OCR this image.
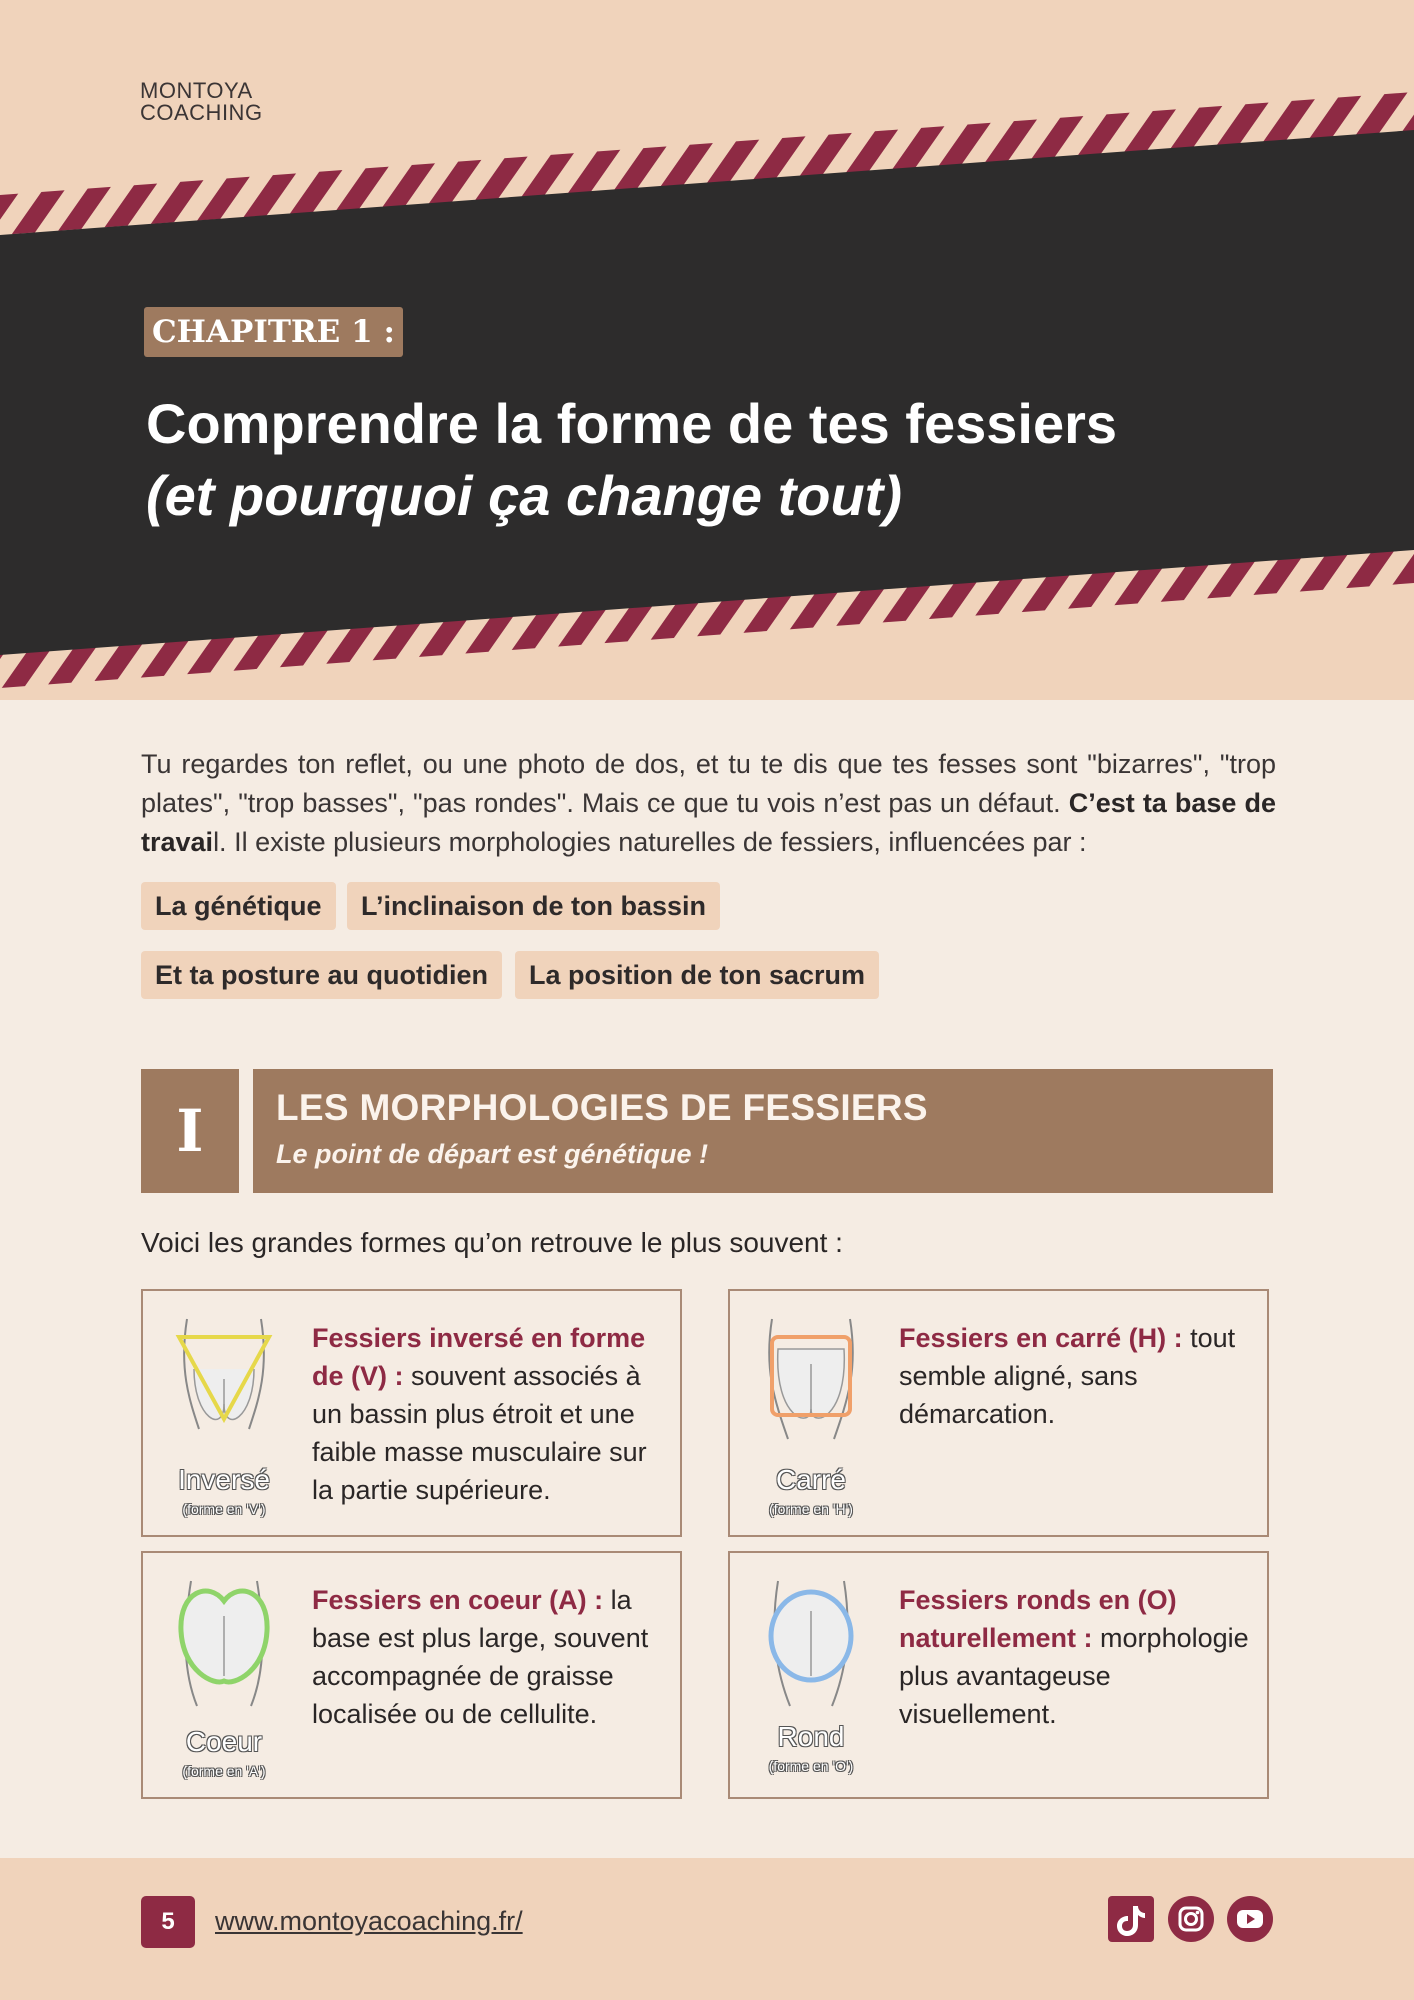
MONTOYA
COACHING
CHAPITRE 1 :
Comprendre la forme de tes fessiers
(et pourquoi ça change tout)

Tu regardes ton reflet, ou une photo de dos, et tu te dis que tes fesses sont "bizarres", "trop plates", "trop basses", "pas rondes". Mais ce que tu vois n’est pas un défaut. C’est ta base de travail. Il existe plusieurs morphologies naturelles de fessiers, influencées par :

La génétique	L’inclinaison de ton bassin
Et ta posture au quotidien	La position de ton sacrum
I	LES MORPHOLOGIES DE FESSIERS
Le point de départ est génétique !
Voici les grandes formes qu’on retrouve le plus souvent :
Inversé
(forme en 'V')

Fessiers inversé en forme de (V) : souvent associés à un bassin plus étroit et une faible masse musculaire sur la partie supérieure.	Carré
(forme en 'H')

Fessiers en carré (H) : tout semble aligné, sans démarcation.

Coeur
(forme en 'A')

Fessiers en coeur (A) : la base est plus large, souvent accompagnée de graisse localisée ou de cellulite.

Rond
(forme en 'O')

Fessiers ronds en (O) naturellement : morphologie plus avantageuse visuellement.

5	www.montoyacoaching.fr/
